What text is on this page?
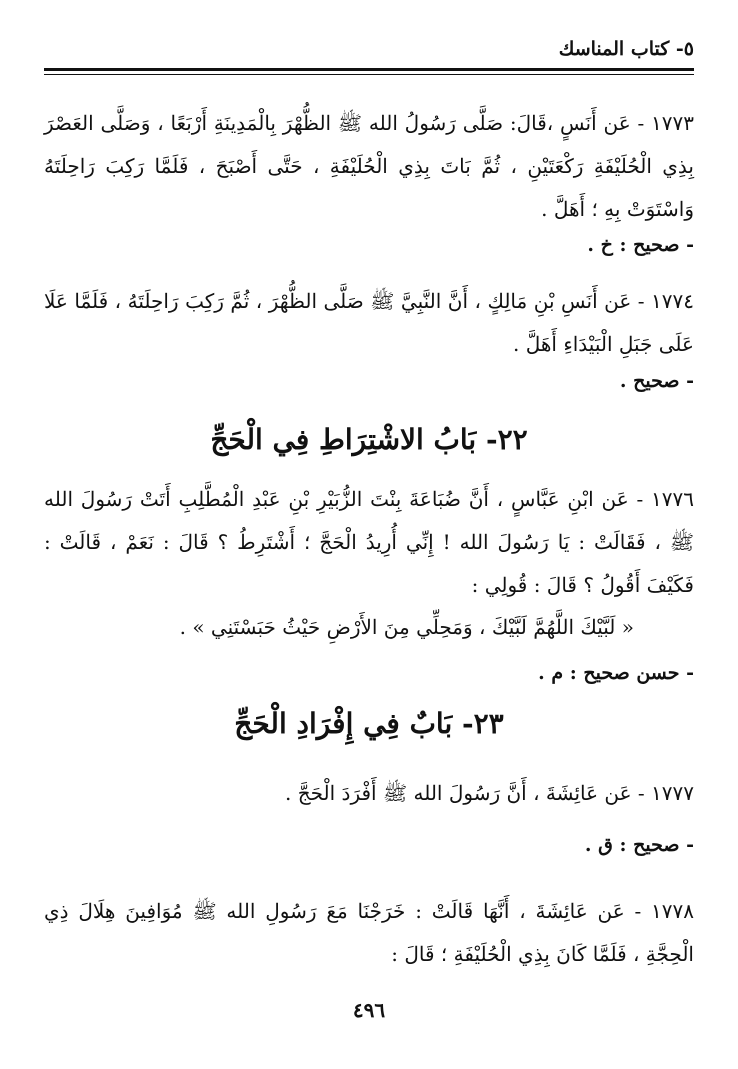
٥- كتاب المناسك
١٧٧٣ - عَن أَنَسٍ ،قَالَ: صَلَّى رَسُولُ الله ﷺ الظُّهْرَ بِالْمَدِينَةِ أَرْبَعًا ، وَصَلَّى العَصْرَ بِذِي الْحُلَيْفَةِ رَكْعَتَيْنِ ، ثُمَّ بَاتَ بِذِي الْحُلَيْفَةِ ، حَتَّى أَصْبَحَ ، فَلَمَّا رَكِبَ رَاحِلَتَهُ وَاسْتَوَتْ بِهِ ؛ أَهَلَّ .
- صحيح : خ .
١٧٧٤ - عَن أَنَسِ بْنِ مَالِكٍ ، أَنَّ النَّبِيَّ ﷺ صَلَّى الظُّهْرَ ، ثُمَّ رَكِبَ رَاحِلَتَهُ ، فَلَمَّا عَلَا عَلَى جَبَلِ الْبَيْدَاءِ أَهَلَّ .
- صحيح .
٢٢- بَابُ الاشْتِرَاطِ فِي الْحَجِّ
١٧٧٦ - عَن ابْنِ عَبَّاسٍ ، أَنَّ ضُبَاعَةَ بِنْتَ الزُّبَيْرِ بْنِ عَبْدِ الْمُطَّلِبِ أَتَتْ رَسُولَ الله ﷺ ، فَقَالَتْ : يَا رَسُولَ الله ! إِنِّي أُرِيدُ الْحَجَّ ؛ أَشْتَرِطُ ؟ قَالَ : نَعَمْ ، قَالَتْ : فَكَيْفَ أَقُولُ ؟ قَالَ : قُولِي :
« لَبَّيْكَ اللَّهُمَّ لَبَّيْكَ ، وَمَحِلِّي مِنَ الأَرْضِ حَيْثُ حَبَسْتَنِي » .
- حسن صحيح : م .
٢٣- بَابٌ فِي إِفْرَادِ الْحَجِّ
١٧٧٧ - عَن عَائِشَةَ ، أَنَّ رَسُولَ الله ﷺ أَفْرَدَ الْحَجَّ .
- صحيح : ق .
١٧٧٨ - عَن عَائِشَةَ ، أَنَّهَا قَالَتْ : خَرَجْنَا مَعَ رَسُولِ الله ﷺ مُوَافِينَ هِلَالَ ذِي الْحِجَّةِ ، فَلَمَّا كَانَ بِذِي الْحُلَيْفَةِ ؛ قَالَ :
٤٩٦
